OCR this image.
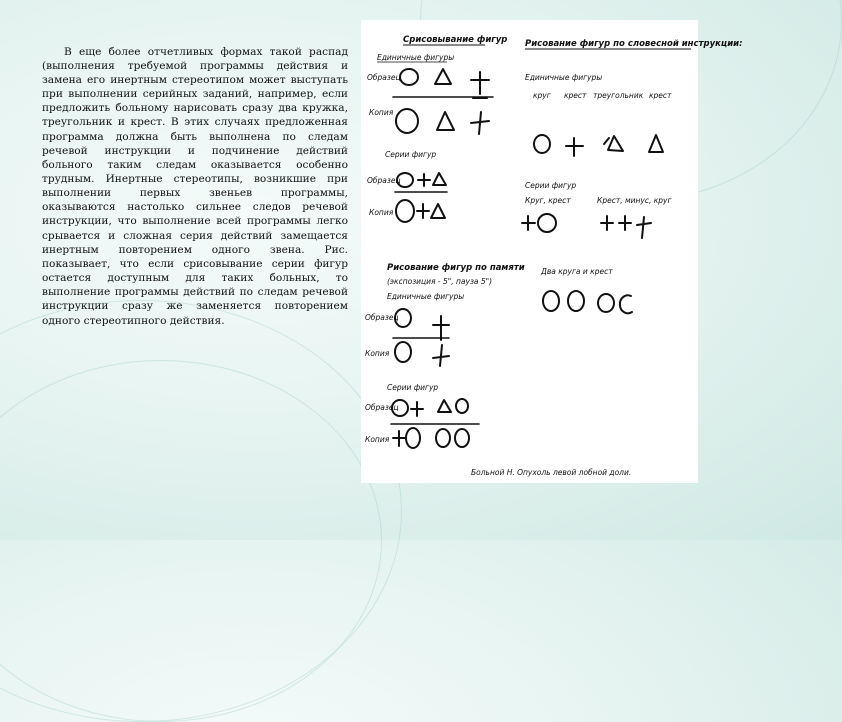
В еще более отчетливых формах такой распад (выполнения требуемой программы действия и замена его инертным стереотипом может выступать при выполнении серийных заданий, например, если предложить больному нарисовать сразу два кружка, треугольник и крест. В этих случаях предложенная программа должна быть выполнена по следам речевой инструкции и подчинение действий больного таким следам оказывается особенно трудным. Инертные стереотипы, возникшие при выполнении первых звеньев программы, оказываются настолько сильнее следов речевой инструкции, что выполнение всей программы легко срывается и сложная серия действий замещается инертным повторением одного звена. Рис. показывает, что если срисовывание серии фигур остается доступным для таких больных, то выполнение программы действий по следам речевой инструкции сразу же заменяется повторением одного стереотипного действия.

Срисовывание фигур
Единичные фигуры
Образец
Копия
Серии фигур
Образец
Копия
Рисование фигур по словесной инструкции:
Единичные фигуры
круг крест треугольник крест
Серии фигур
Круг, крест	Крест, минус, круг
Рисование фигур по памяти
(экспозиция - 5", пауза 5")
Единичные фигуры
Образец
Копия
Два круга и крест
Серии фигур
Образец
Копия
Больной Н. Опухоль левой лобной доли.
